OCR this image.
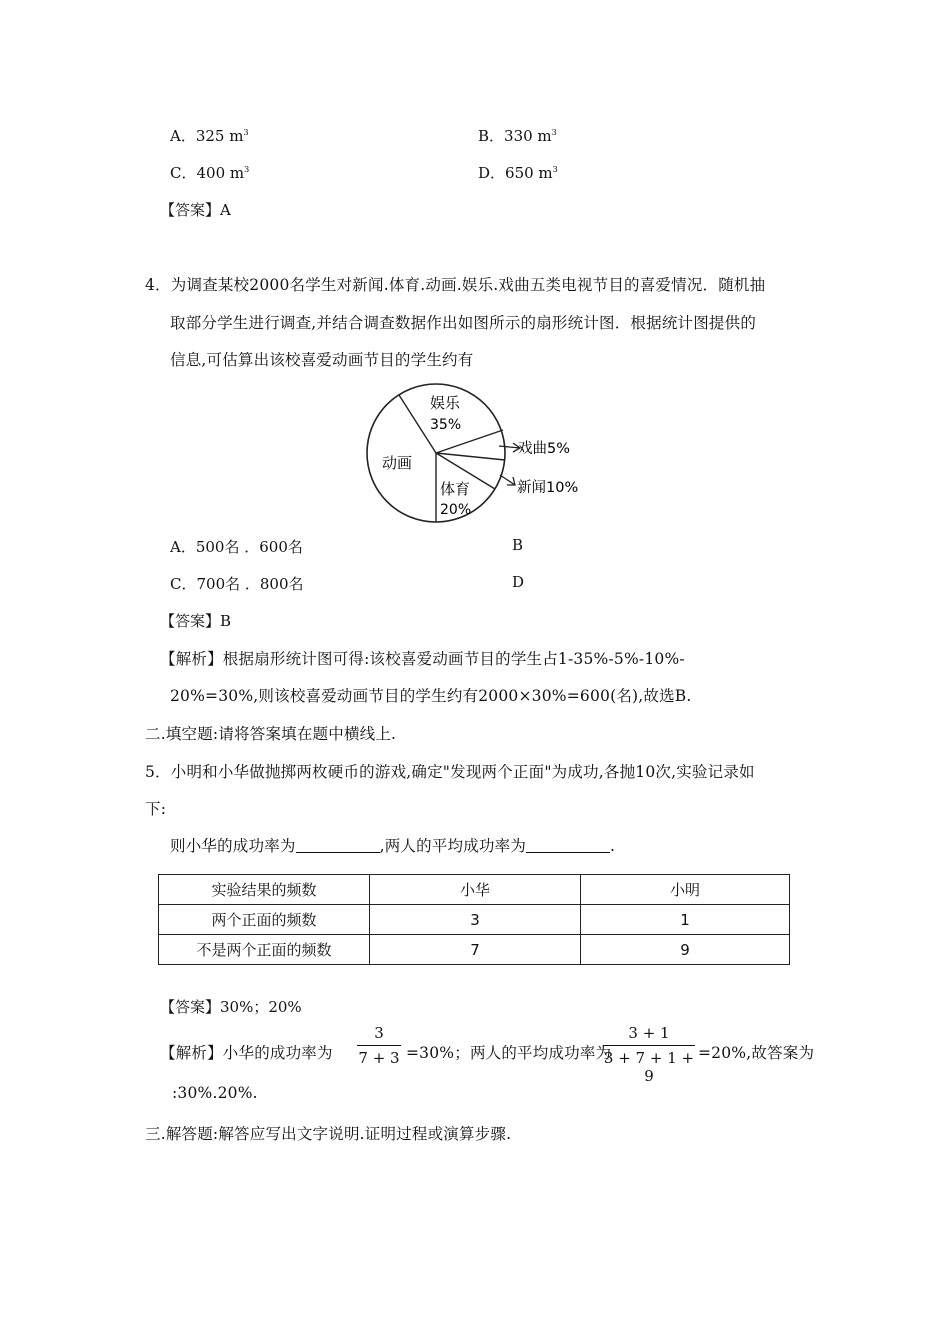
A．325 $m^3$	B．330 $m^3$
C．400 $m^3$	D．650 $m^3$
【答案】A
4．为调查某校2000名学生对新闻.体育.动画.娱乐.戏曲五类电视节目的喜爱情况．随机抽
取部分学生进行调查,并结合调查数据作出如图所示的扇形统计图．根据统计图提供的
信息,可估算出该校喜爱动画节目的学生约有
娱乐
35%
动画
体育
20%
戏曲5%
新闻10%
A．500名 ．600名	B
C．700名 ．800名	D
【答案】B
【解析】根据扇形统计图可得:该校喜爱动画节目的学生占1-35%-5%-10%-
20%=30%,则该校喜爱动画节目的学生约有2000×30%=600(名),故选B.
二.填空题:请将答案填在题中横线上.
5．小明和小华做抛掷两枚硬币的游戏,确定"发现两个正面"为成功,各抛10次,实验记录如
下:
则小华的成功率为	,两人的平均成功率为	.
实验结果的频数	小华	小明
两个正面的频数	3	1
不是两个正面的频数	7	9
【答案】30%；20%
【解析】小华的成功率为 $\frac{3}{7 + 3} =30\%$；两人的平均成功率为
$\frac{3 + 1}{3 + 7 + 1 + 9} =20\%$,故答案为
:30%.20%.
三.解答题:解答应写出文字说明.证明过程或演算步骤.
